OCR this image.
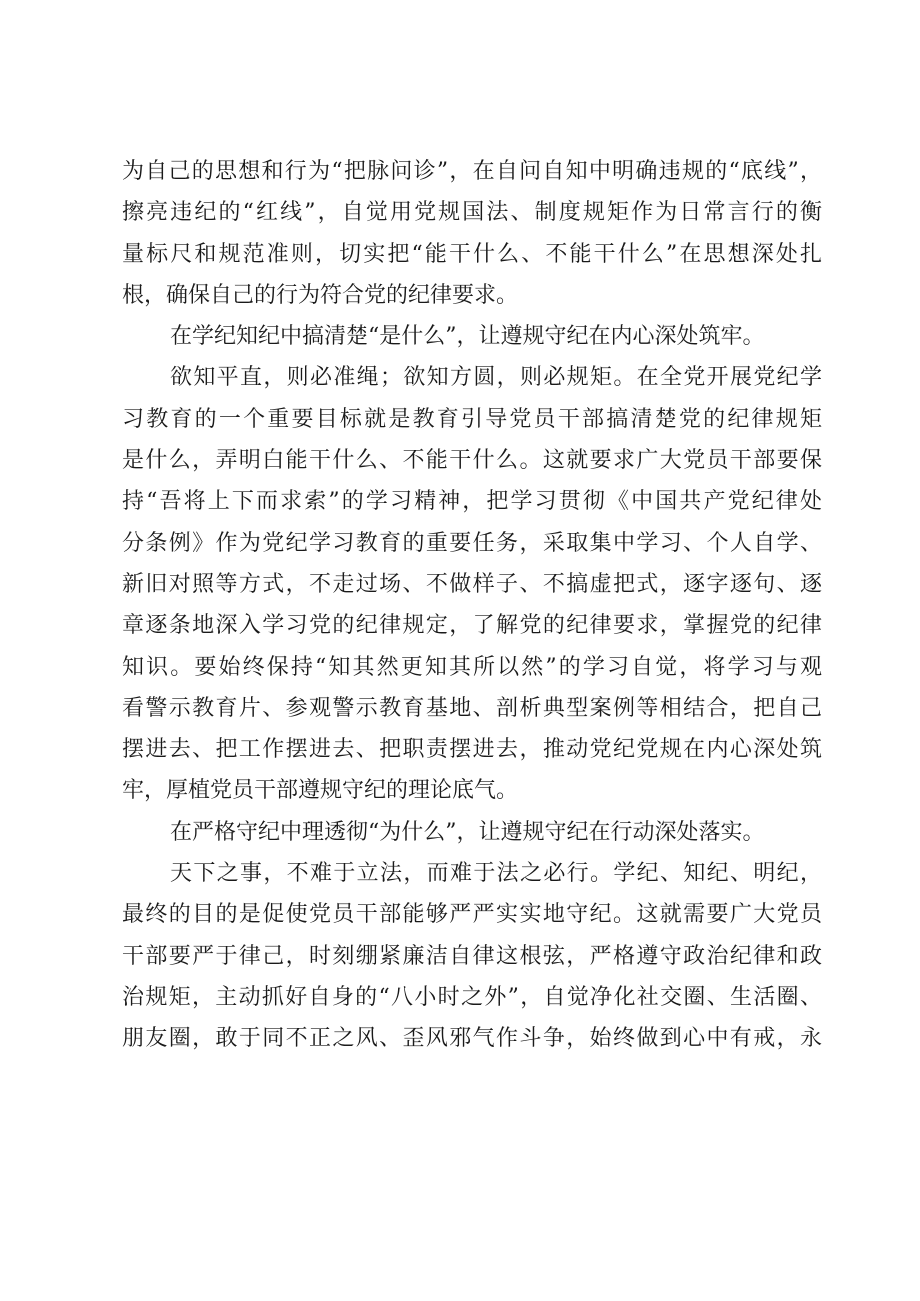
为自己的思想和行为“把脉问诊”，在自问自知中明确违规的“底线”，
擦亮违纪的“红线”，自觉用党规国法、制度规矩作为日常言行的衡
量标尺和规范准则，切实把“能干什么、不能干什么”在思想深处扎
根，确保自己的行为符合党的纪律要求。
在学纪知纪中搞清楚“是什么”，让遵规守纪在内心深处筑牢。
欲知平直，则必准绳；欲知方圆，则必规矩。在全党开展党纪学
习教育的一个重要目标就是教育引导党员干部搞清楚党的纪律规矩
是什么，弄明白能干什么、不能干什么。这就要求广大党员干部要保
持“吾将上下而求索”的学习精神，把学习贯彻《中国共产党纪律处
分条例》作为党纪学习教育的重要任务，采取集中学习、个人自学、
新旧对照等方式，不走过场、不做样子、不搞虚把式，逐字逐句、逐
章逐条地深入学习党的纪律规定，了解党的纪律要求，掌握党的纪律
知识。要始终保持“知其然更知其所以然”的学习自觉，将学习与观
看警示教育片、参观警示教育基地、剖析典型案例等相结合，把自己
摆进去、把工作摆进去、把职责摆进去，推动党纪党规在内心深处筑
牢，厚植党员干部遵规守纪的理论底气。
在严格守纪中理透彻“为什么”，让遵规守纪在行动深处落实。
天下之事，不难于立法，而难于法之必行。学纪、知纪、明纪，
最终的目的是促使党员干部能够严严实实地守纪。这就需要广大党员
干部要严于律己，时刻绷紧廉洁自律这根弦，严格遵守政治纪律和政
治规矩，主动抓好自身的“八小时之外”，自觉净化社交圈、生活圈、
朋友圈，敢于同不正之风、歪风邪气作斗争，始终做到心中有戒，永
